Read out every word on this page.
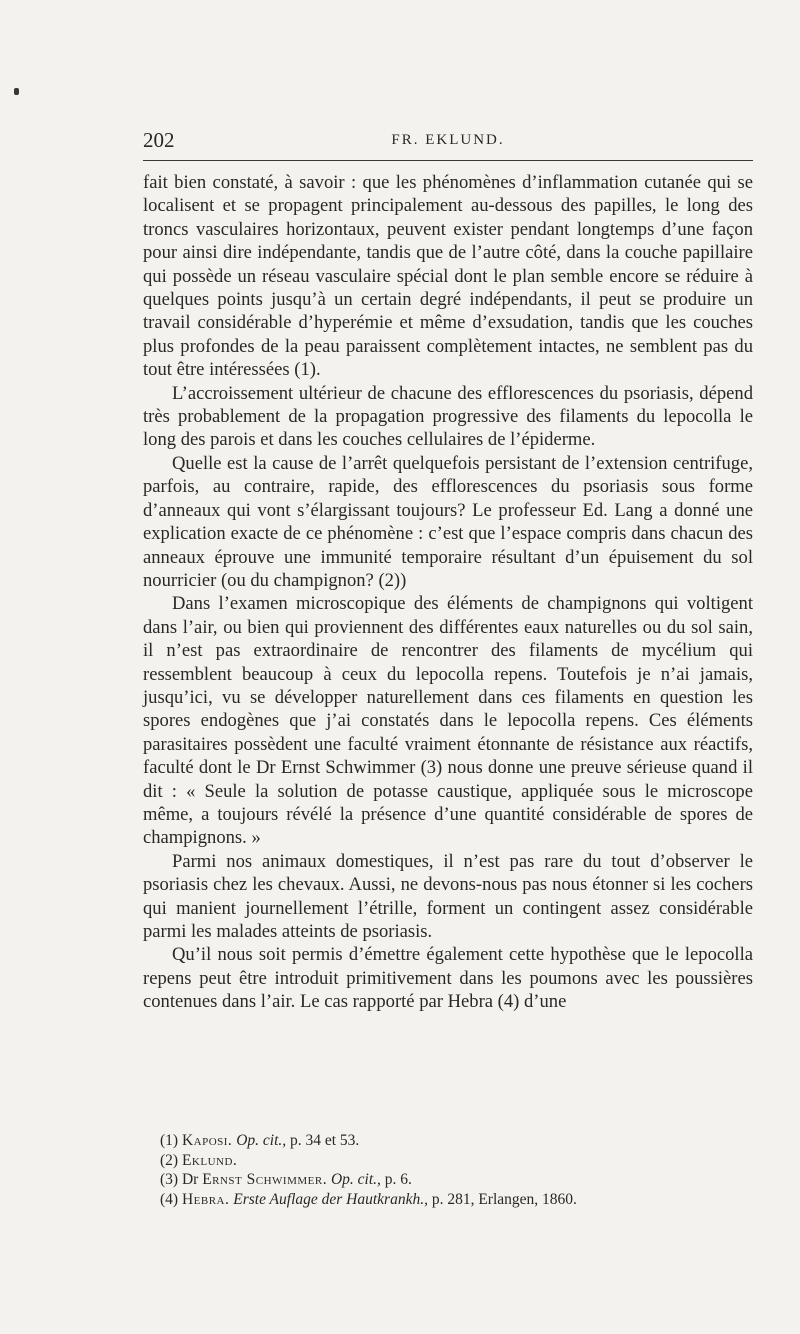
202	FR. EKLUND.

fait bien constaté, à savoir : que les phénomènes d’inflammation cutanée qui se localisent et se propagent principalement au-dessous des papilles, le long des troncs vasculaires horizontaux, peuvent exister pendant longtemps d’une façon pour ainsi dire indépendante, tandis que de l’autre côté, dans la couche papillaire qui possède un réseau vasculaire spécial dont le plan semble encore se réduire à quelques points jusqu’à un certain degré indépendants, il peut se produire un travail considérable d’hyperémie et même d’exsudation, tandis que les couches plus profondes de la peau paraissent complètement intactes, ne semblent pas du tout être intéressées (1).

L’accroissement ultérieur de chacune des efflorescences du psoriasis, dépend très probablement de la propagation progressive des filaments du lepocolla le long des parois et dans les couches cellulaires de l’épiderme.

Quelle est la cause de l’arrêt quelquefois persistant de l’extension centrifuge, parfois, au contraire, rapide, des efflorescences du psoriasis sous forme d’anneaux qui vont s’élargissant toujours? Le professeur Ed. Lang a donné une explication exacte de ce phénomène : c’est que l’espace compris dans chacun des anneaux éprouve une immunité temporaire résultant d’un épuisement du sol nourricier (ou du champignon? (2))

Dans l’examen microscopique des éléments de champignons qui voltigent dans l’air, ou bien qui proviennent des différentes eaux naturelles ou du sol sain, il n’est pas extraordinaire de rencontrer des filaments de mycélium qui ressemblent beaucoup à ceux du lepocolla repens. Toutefois je n’ai jamais, jusqu’ici, vu se développer naturellement dans ces filaments en question les spores endogènes que j’ai constatés dans le lepocolla repens. Ces éléments parasitaires possèdent une faculté vraiment étonnante de résistance aux réactifs, faculté dont le Dr Ernst Schwimmer (3) nous donne une preuve sérieuse quand il dit : « Seule la solution de potasse caustique, appliquée sous le microscope même, a toujours révélé la présence d’une quantité considérable de spores de champignons. »

Parmi nos animaux domestiques, il n’est pas rare du tout d’observer le psoriasis chez les chevaux. Aussi, ne devons-nous pas nous étonner si les cochers qui manient journellement l’étrille, forment un contingent assez considérable parmi les malades atteints de psoriasis.

Qu’il nous soit permis d’émettre également cette hypothèse que le lepocolla repens peut être introduit primitivement dans les poumons avec les poussières contenues dans l’air. Le cas rapporté par Hebra (4) d’une

(1) Kaposi. Op. cit., p. 34 et 53.
(2) Eklund.
(3) Dr Ernst Schwimmer. Op. cit., p. 6.
(4) Hebra. Erste Auflage der Hautkrankh., p. 281, Erlangen, 1860.
